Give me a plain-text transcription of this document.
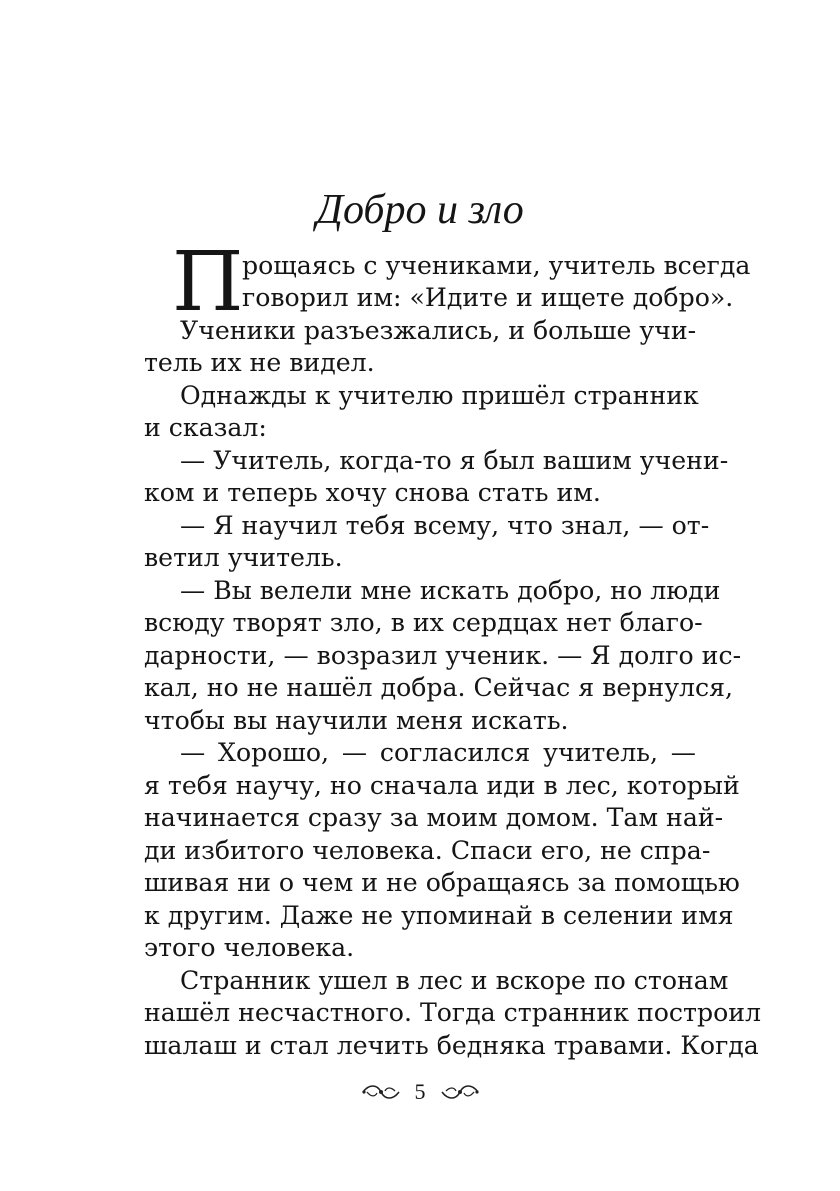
Добро и зло
П
рощаясь с учениками, учитель всегда
говорил им: «Идите и ищете добро».
Ученики разъезжались, и больше учи-
тель их не видел.
Однажды к учителю пришёл странник
и сказал:
— Учитель, когда-то я был вашим учени-
ком и теперь хочу снова стать им.
— Я научил тебя всему, что знал, — от-
ветил учитель.
— Вы велели мне искать добро, но люди
всюду творят зло, в их сердцах нет благо-
дарности, — возразил ученик. — Я долго ис-
кал, но не нашёл добра. Сейчас я вернулся,
чтобы вы научили меня искать.
— Хорошо, — согласился учитель, —
я тебя научу, но сначала иди в лес, который
начинается сразу за моим домом. Там най-
ди избитого человека. Спаси его, не спра-
шивая ни о чем и не обращаясь за помощью
к другим. Даже не упоминай в селении имя
этого человека.
Странник ушел в лес и вскоре по стонам
нашёл несчастного. Тогда странник построил
шалаш и стал лечить бедняка травами. Когда
5
